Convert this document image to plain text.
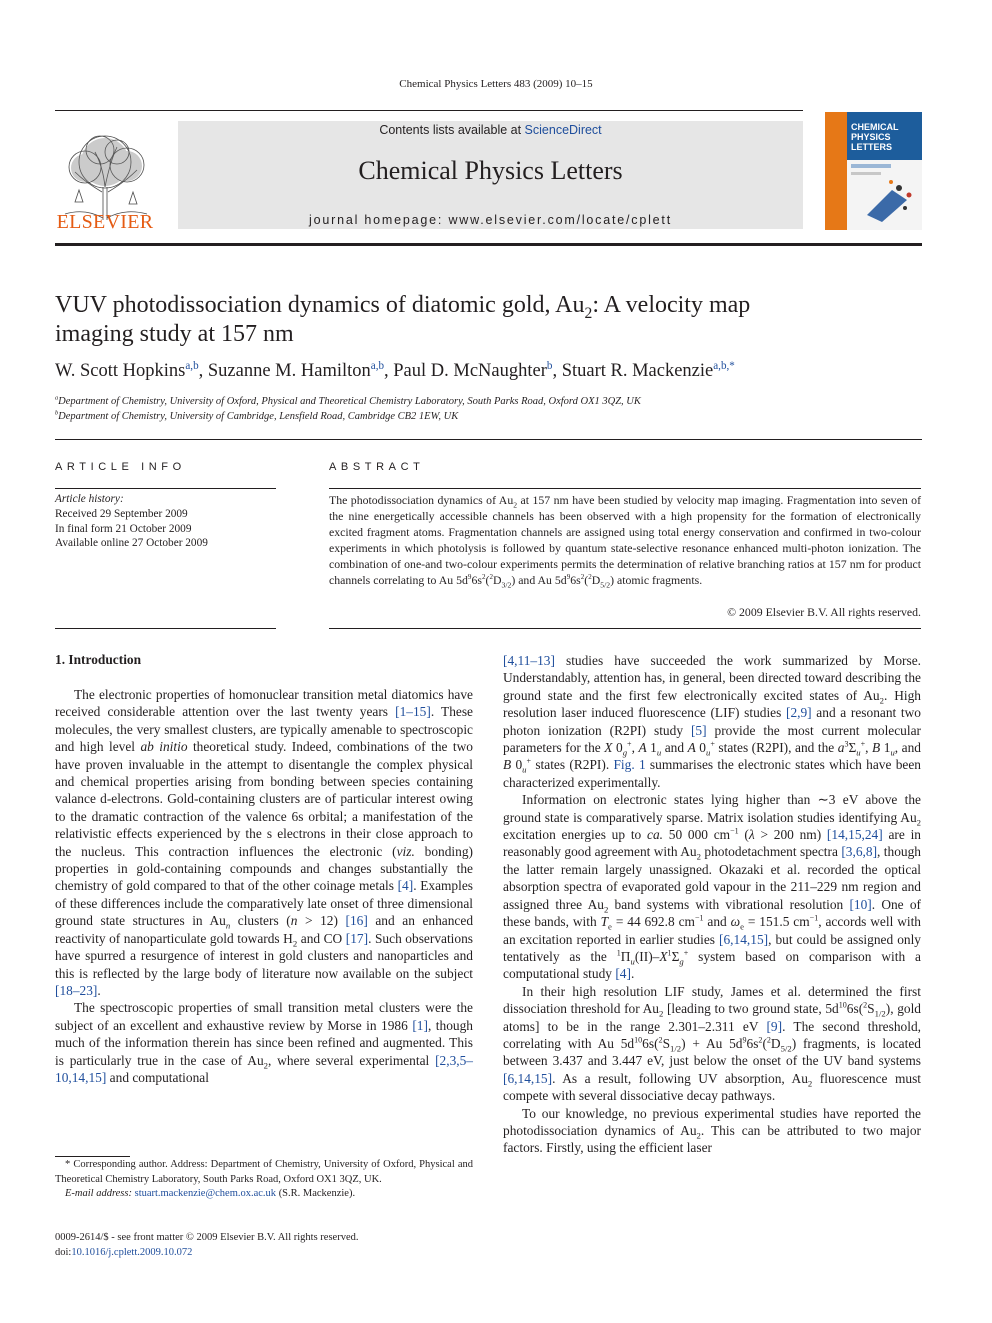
Chemical Physics Letters 483 (2009) 10–15
ELSEVIER
Contents lists available at ScienceDirect
Chemical Physics Letters
journal homepage: www.elsevier.com/locate/cplett
CHEMICAL
PHYSICS
LETTERS
VUV photodissociation dynamics of diatomic gold, $Au_2$: A velocity map
imaging study at 157 nm
W. Scott Hopkins$^{a,b}$, Suzanne M. Hamilton$^{a,b}$, Paul D. McNaughter$^b$, Stuart R. Mackenzie$^{a,b,*}$
$^a$Department of Chemistry, University of Oxford, Physical and Theoretical Chemistry Laboratory, South Parks Road, Oxford OX1 3QZ, UK
$^b$Department of Chemistry, University of Cambridge, Lensfield Road, Cambridge CB2 1EW, UK
ARTICLE INFO
Article history:
Received 29 September 2009
In final form 21 October 2009
Available online 27 October 2009
ABSTRACT
The photodissociation dynamics of $Au_2$ at 157 nm have been studied by velocity map imaging. Fragmentation into seven of the nine energetically accessible channels has been observed with a high propensity for the formation of electronically excited fragment atoms. Fragmentation channels are assigned using total energy conservation and confirmed in two-colour experiments in which photolysis is followed by quantum state-selective resonance enhanced multi-photon ionization. The combination of one-and two-colour experiments permits the determination of relative branching ratios at 157 nm for product channels correlating to Au $5d^96s^2(^2D_{3/2})$ and Au $5d^96s^2(^2D_{5/2})$ atomic fragments.
© 2009 Elsevier B.V. All rights reserved.
1. Introduction

The electronic properties of homonuclear transition metal diatomics have received considerable attention over the last twenty years [1–15]. These molecules, the very smallest clusters, are typically amenable to spectroscopic and high level ab initio theoretical study. Indeed, combinations of the two have proven invaluable in the attempt to disentangle the complex physical and chemical properties arising from bonding between species containing valance d-electrons. Gold-containing clusters are of particular interest owing to the dramatic contraction of the valence 6s orbital; a manifestation of the relativistic effects experienced by the s electrons in their close approach to the nucleus. This contraction influences the electronic (viz. bonding) properties in gold-containing compounds and changes substantially the chemistry of gold compared to that of the other coinage metals [4]. Examples of these differences include the comparatively late onset of three dimensional ground state structures in $Au_n$ clusters (n > 12) [16] and an enhanced reactivity of nanoparticulate gold towards $H_2$ and CO [17]. Such observations have spurred a resurgence of interest in gold clusters and nanoparticles and this is reflected by the large body of literature now available on the subject [18–23].

The spectroscopic properties of small transition metal clusters were the subject of an excellent and exhaustive review by Morse in 1986 [1], though much of the information therein has since been refined and augmented. This is particularly true in the case of $Au_2$, where several experimental [2,3,5–10,14,15] and computational

* Corresponding author. Address: Department of Chemistry, University of Oxford, Physical and Theoretical Chemistry Laboratory, South Parks Road, Oxford OX1 3QZ, UK.
E-mail address: stuart.mackenzie@chem.ox.ac.uk (S.R. Mackenzie).
0009-2614/$ - see front matter © 2009 Elsevier B.V. All rights reserved.
doi:10.1016/j.cplett.2009.10.072

[4,11–13] studies have succeeded the work summarized by Morse. Understandably, attention has, in general, been directed toward describing the ground state and the first few electronically excited states of $Au_2$. High resolution laser induced fluorescence (LIF) studies [2,9] and a resonant two photon ionization (R2PI) study [5] provide the most current molecular parameters for the X $0_g^+$, A $1_u$ and A $0_u^+$ states (R2PI), and the $a^3\Sigma_u^+$, B $1_u$, and B $0_u^+$ states (R2PI). Fig. 1 summarises the electronic states which have been characterized experimentally.

Information on electronic states lying higher than ∼3 eV above the ground state is comparatively sparse. Matrix isolation studies identifying $Au_2$ excitation energies up to ca. 50 000 $cm^{-1}$ (λ > 200 nm) [14,15,24] are in reasonably good agreement with $Au_2$ photodetachment spectra [3,6,8], though the latter remain largely unassigned. Okazaki et al. recorded the optical absorption spectra of evaporated gold vapour in the 211–229 nm region and assigned three $Au_2$ band systems with vibrational resolution [10]. One of these bands, with $T_e = 44$ 692.8 $cm^{-1}$ and $\omega_e = 151.5$ $cm^{-1}$, accords well with an excitation reported in earlier studies [6,14,15], but could be assigned only tentatively as the $^1\Pi_u(II)-X^1\Sigma_g^+$ system based on comparison with a computational study [4].

In their high resolution LIF study, James et al. determined the first dissociation threshold for $Au_2$ [leading to two ground state, $5d^{10}6s(^2S_{1/2})$, gold atoms] to be in the range 2.301–2.311 eV [9]. The second threshold, correlating with Au $5d^{10}6s(^2S_{1/2}) + Au$ $5d^96s^2(^2D_{5/2})$ fragments, is located between 3.437 and 3.447 eV, just below the onset of the UV band systems [6,14,15]. As a result, following UV absorption, $Au_2$ fluorescence must compete with several dissociative decay pathways.

To our knowledge, no previous experimental studies have reported the photodissociation dynamics of $Au_2$. This can be attributed to two major factors. Firstly, using the efficient laser
